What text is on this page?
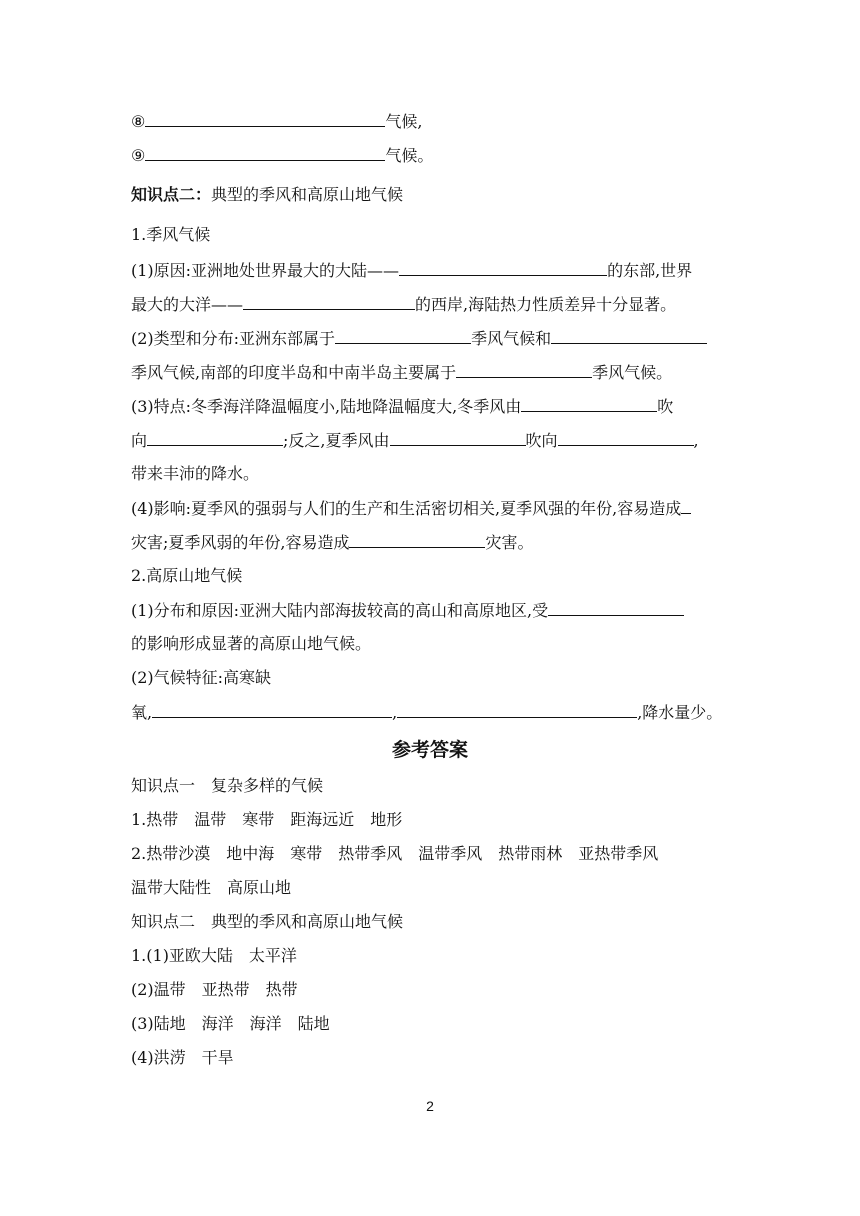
⑧	气候,
⑨	气候。
知识点二：典型的季风和高原山地气候
1.季风气候
(1)原因:亚洲地处世界最大的大陆——	的东部,世界
最大的大洋——	的西岸,海陆热力性质差异十分显著。
(2)类型和分布:亚洲东部属于	季风气候和
季风气候,南部的印度半岛和中南半岛主要属于	季风气候。
(3)特点:冬季海洋降温幅度小,陆地降温幅度大,冬季风由	吹
向	;反之,夏季风由	吹向	,
带来丰沛的降水。
(4)影响:夏季风的强弱与人们的生产和生活密切相关,夏季风强的年份,容易造成
灾害;夏季风弱的年份,容易造成	灾害。
2.高原山地气候
(1)分布和原因:亚洲大陆内部海拔较高的高山和高原地区,受
的影响形成显著的高原山地气候。
(2)气候特征:高寒缺
氧,	,	,降水量少。
参考答案
知识点一　复杂多样的气候
1.热带　温带　寒带　距海远近　地形
2.热带沙漠　地中海　寒带　热带季风　温带季风　热带雨林　亚热带季风
温带大陆性　高原山地
知识点二　典型的季风和高原山地气候
1.(1)亚欧大陆　太平洋
(2)温带　亚热带　热带
(3)陆地　海洋　海洋　陆地
(4)洪涝　干旱
2
